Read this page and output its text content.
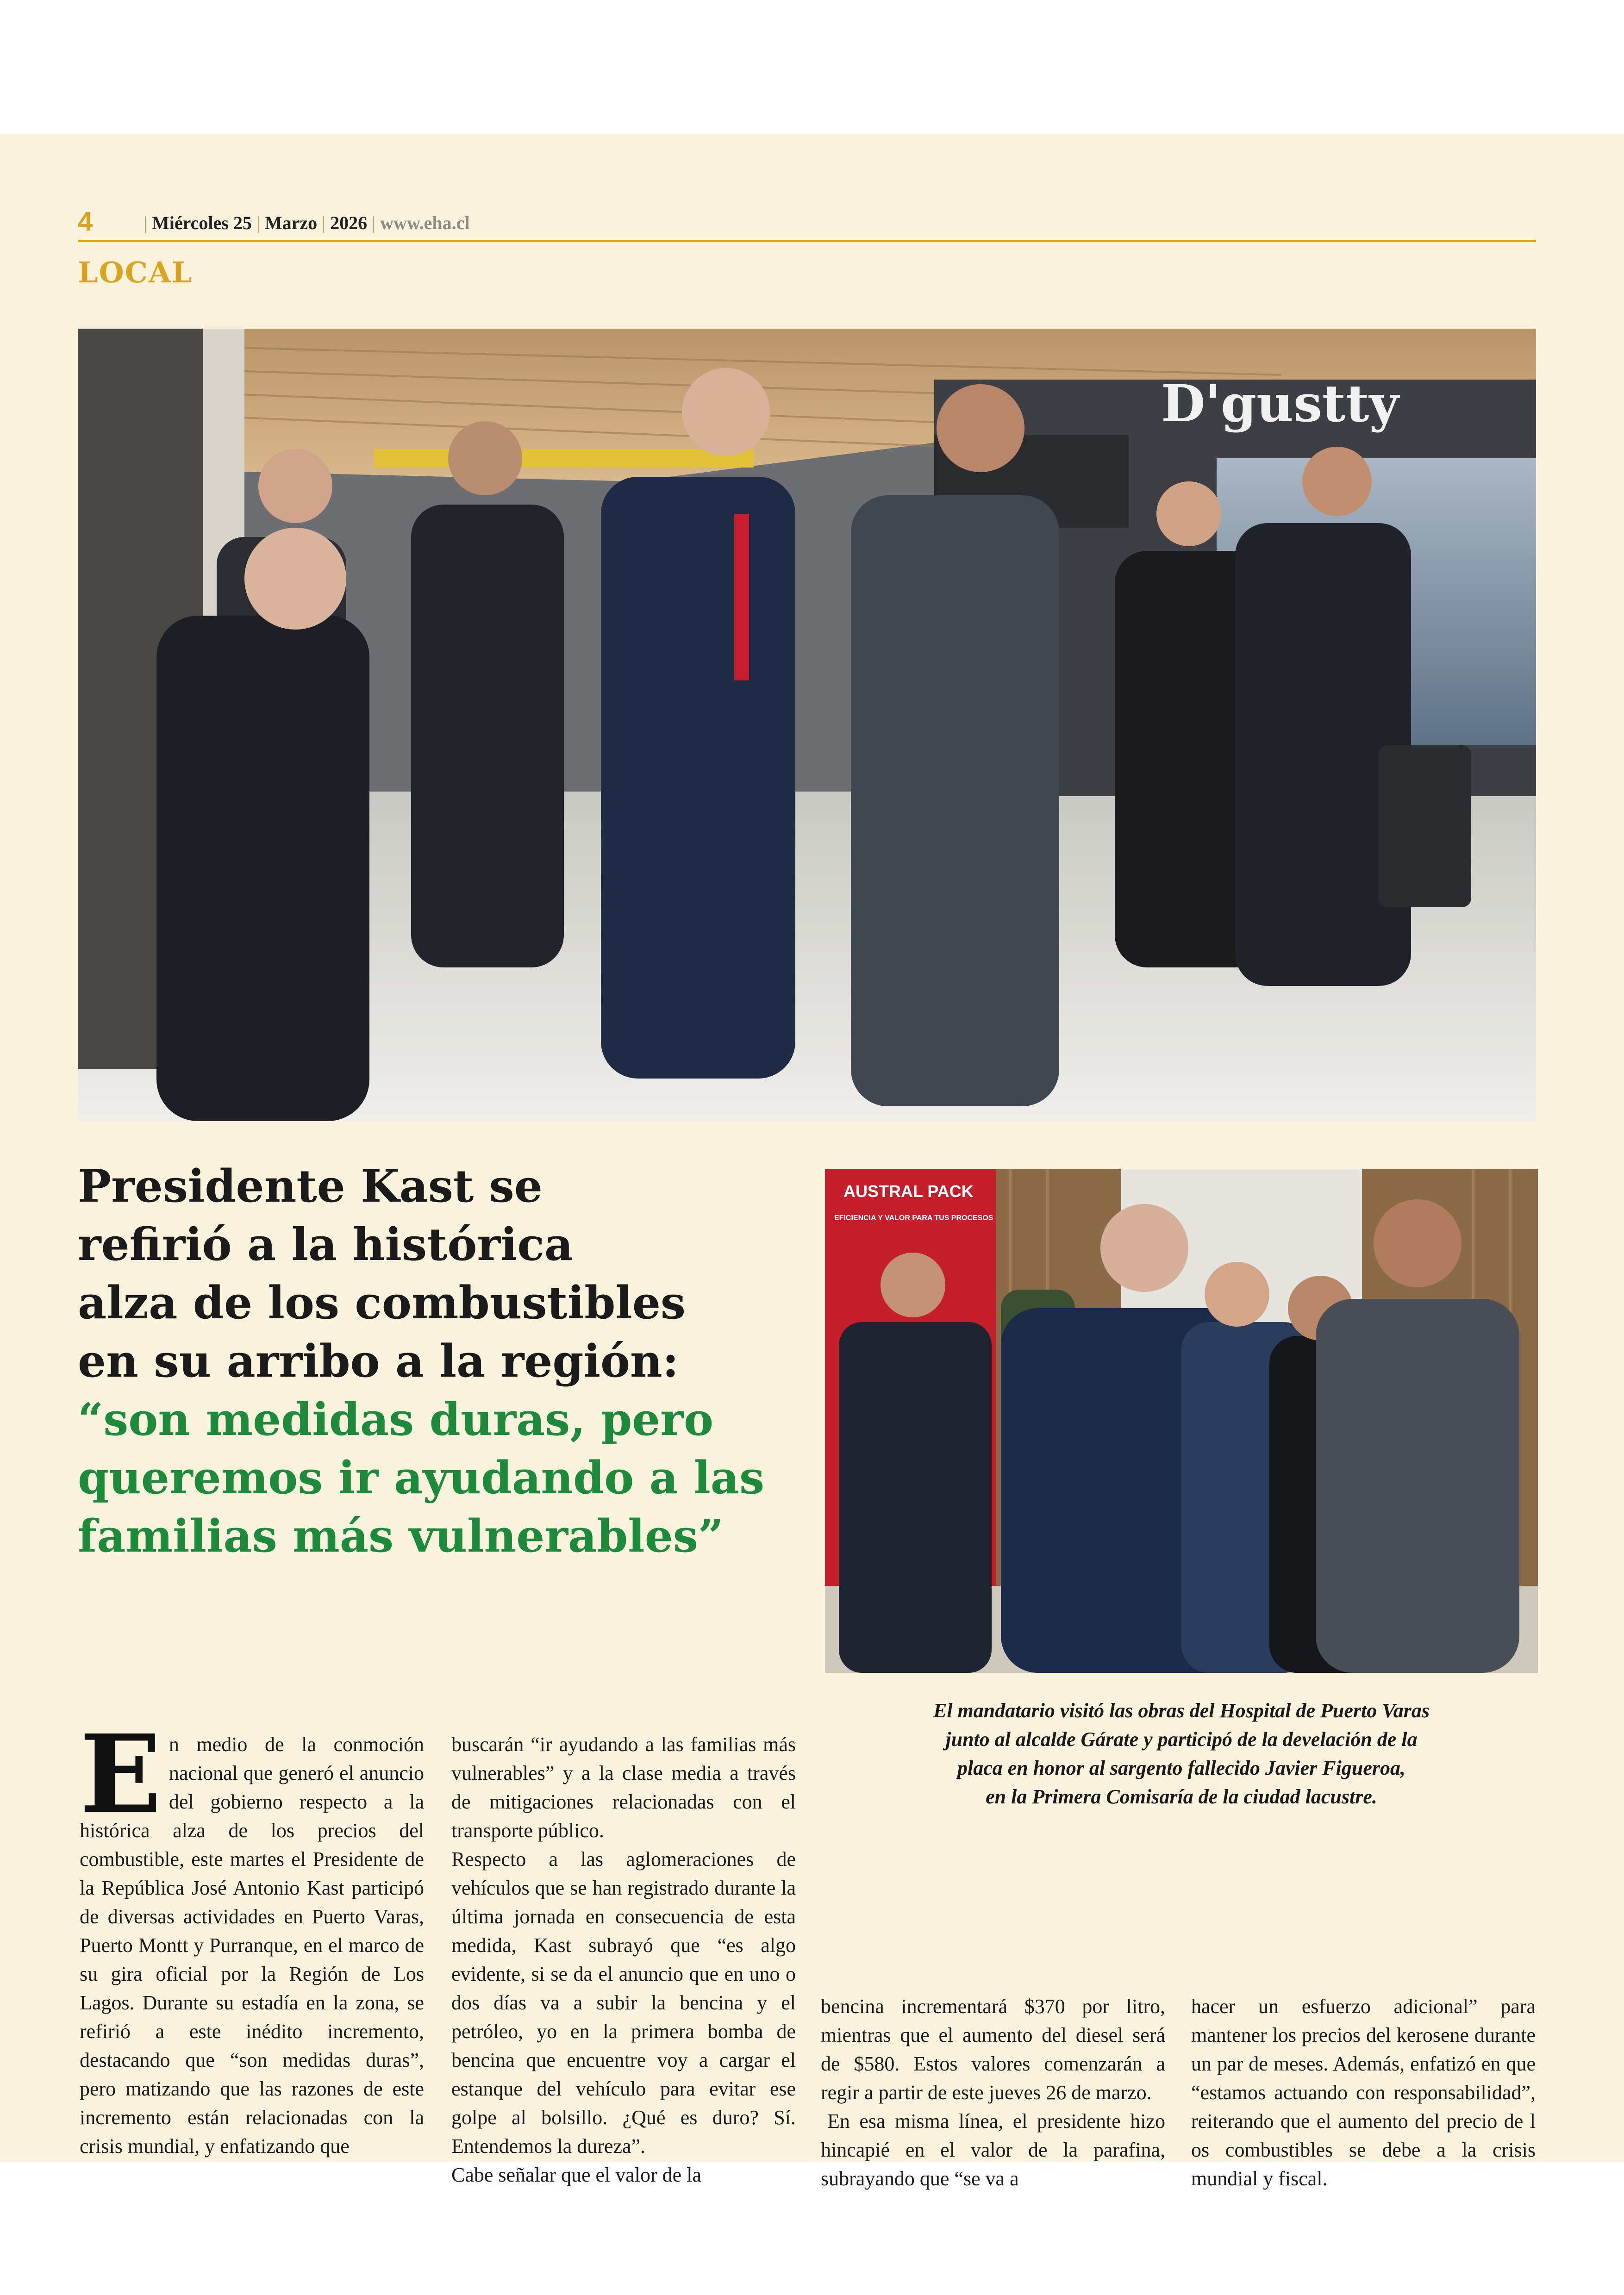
4	| Miércoles 25 | Marzo | 2026 | www.eha.cl
LOCAL
D'gustty
Presidente Kast se
refirió a la histórica
alza de los combustibles
en su arribo a la región:
“son medidas duras, pero
queremos ir ayudando a las
familias más vulnerables”
AUSTRAL PACK
EFICIENCIA Y VALOR PARA TUS PROCESOS
El mandatario visitó las obras del Hospital de Puerto Varas
junto al alcalde Gárate y participó de la develación de la
placa en honor al sargento fallecido Javier Figueroa,
en la Primera Comisaría de la ciudad lacustre.

En medio de la conmoción nacional que generó el anuncio del gobierno respecto a la histórica alza de los precios del combustible, este martes el Presidente de la República José Antonio Kast participó de diversas actividades en Puerto Varas, Puerto Montt y Purranque, en el marco de su gira oficial por la Región de Los Lagos. Durante su estadía en la zona, se refirió a este inédito incremento, destacando que “son medidas duras”, pero matizando que las razones de este incremento están relacionadas con la crisis mundial, y enfatizando que

buscarán “ir ayudando a las familias más vulnerables” y a la clase media a través de mitigaciones relacionadas con el transporte público.

Respecto a las aglomeraciones de vehículos que se han registrado durante la última jornada en consecuencia de esta medida, Kast subrayó que “es algo evidente, si se da el anuncio que en uno o dos días va a subir la bencina y el petróleo, yo en la primera bomba de bencina que encuentre voy a cargar el estanque del vehículo para evitar ese golpe al bolsillo. ¿Qué es duro? Sí. Entendemos la dureza”.

Cabe señalar que el valor de la

bencina incrementará $370 por litro, mientras que el aumento del diesel será de $580. Estos valores comenzarán a regir a partir de este jueves 26 de marzo.

En esa misma línea, el presidente hizo hincapié en el valor de la parafina, subrayando que “se va a

hacer un esfuerzo adicional” para mantener los precios del kerosene durante un par de meses. Además, enfatizó en que “estamos actuando con responsabilidad”, reiterando que el aumento del precio de l os combustibles se debe a la crisis mundial y fiscal.
